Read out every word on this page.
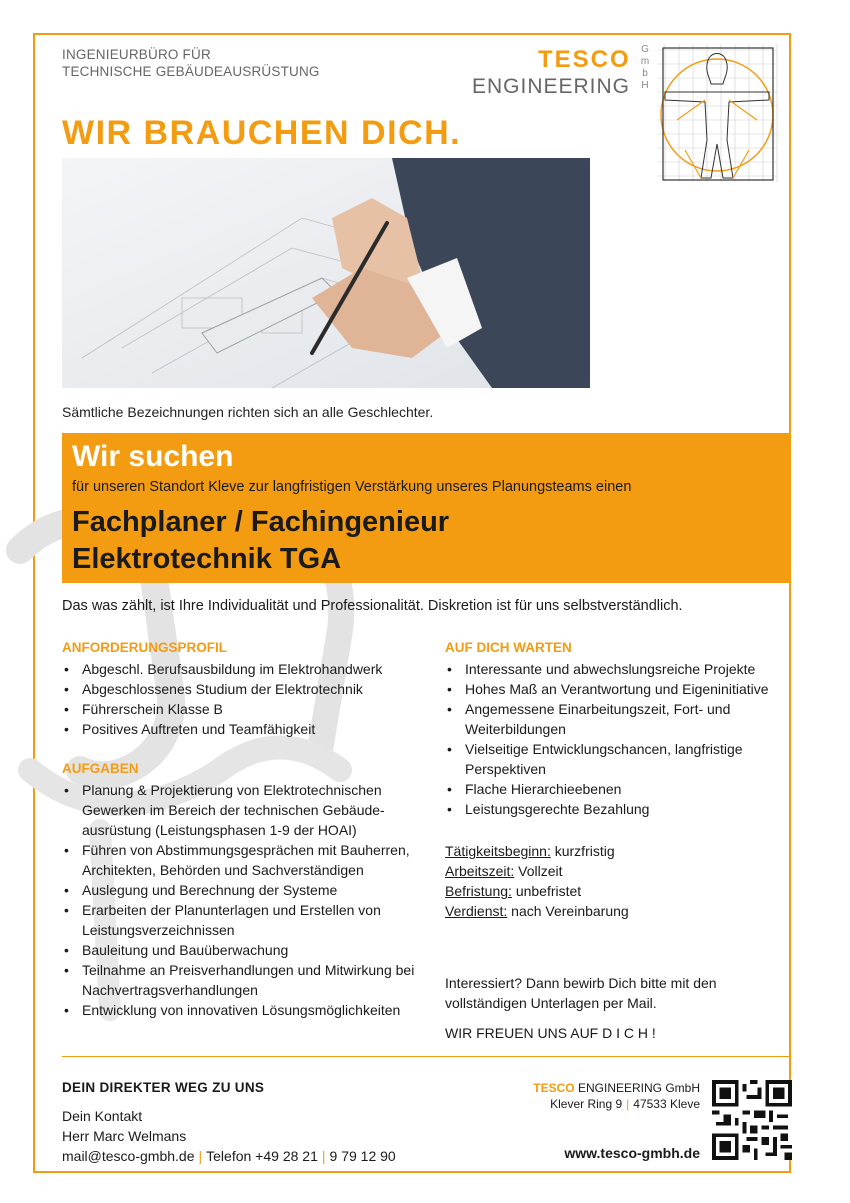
INGENIEURBÜRO FÜR
TECHNISCHE GEBÄUDEAUSRÜSTUNG	TESCO
ENGINEERING
G
m
b
H
WIR BRAUCHEN DICH.
Sämtliche Bezeichnungen richten sich an alle Geschlechter.
Wir suchen
für unseren Standort Kleve zur langfristigen Verstärkung unseres Planungsteams einen
Fachplaner / Fachingenieur
Elektrotechnik TGA
Das was zählt, ist Ihre Individualität und Professionalität. Diskretion ist für uns selbstverständlich.
ANFORDERUNGSPROFIL
• Abgeschl. Berufsausbildung im Elektrohandwerk
• Abgeschlossenes Studium der Elektrotechnik
• Führerschein Klasse B
• Positives Auftreten und Teamfähigkeit
AUFGABEN
• Planung & Projektierung von Elektrotechnischen Gewerken im Bereich der technischen Gebäude-ausrüstung (Leistungsphasen 1-9 der HOAI)
• Führen von Abstimmungsgesprächen mit Bauherren, Architekten, Behörden und Sachverständigen
• Auslegung und Berechnung der Systeme
• Erarbeiten der Planunterlagen und Erstellen von Leistungsverzeichnissen
• Bauleitung und Bauüberwachung
• Teilnahme an Preisverhandlungen und Mitwirkung bei Nachvertragsverhandlungen
• Entwicklung von innovativen Lösungsmöglichkeiten
AUF DICH WARTEN
• Interessante und abwechslungsreiche Projekte
• Hohes Maß an Verantwortung und Eigeninitiative
• Angemessene Einarbeitungszeit, Fort- und Weiterbildungen
• Vielseitige Entwicklungschancen, langfristige Perspektiven
• Flache Hierarchieebenen
• Leistungsgerechte Bezahlung

Tätigkeitsbeginn: kurzfristig

Arbeitszeit: Vollzeit

Befristung: unbefristet

Verdienst: nach Vereinbarung

Interessiert? Dann bewirb Dich bitte mit den

vollständigen Unterlagen per Mail.

WIR FREUEN UNS AUF D I C H !

DEIN DIREKTER WEG ZU UNS
Dein Kontakt
Herr Marc Welmans
mail@tesco-gmbh.de | Telefon +49 28 21 | 9 79 12 90
TESCO ENGINEERING GmbH
Klever Ring 9 | 47533 Kleve
www.tesco-gmbh.de
